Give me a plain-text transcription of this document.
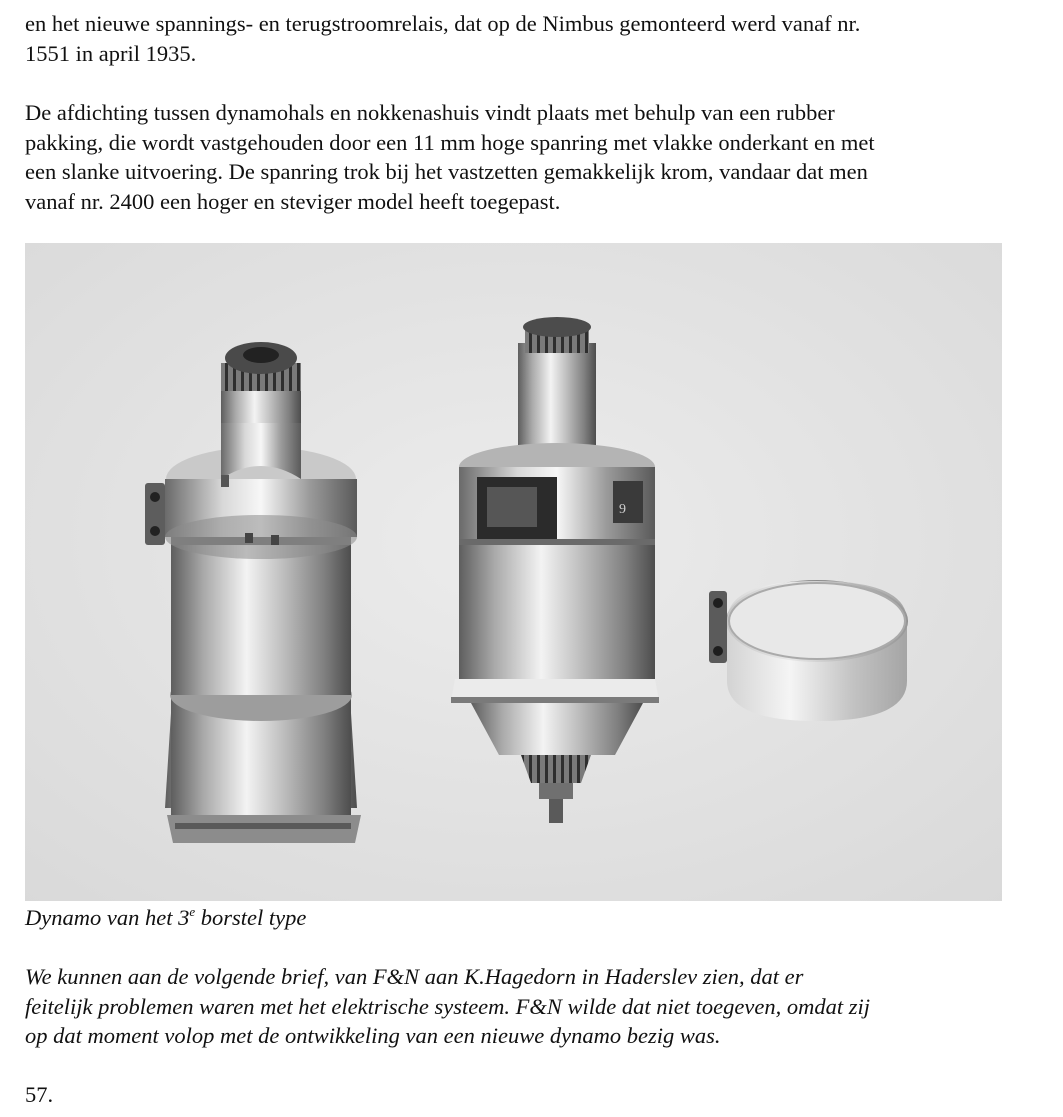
en het nieuwe spannings- en terugstroomrelais, dat op de Nimbus gemonteerd werd vanaf nr.
1551 in april 1935.

De afdichting tussen dynamohals en nokkenashuis vindt plaats met behulp van een rubber
pakking, die wordt vastgehouden door een 11 mm hoge spanring met vlakke onderkant en met
een slanke uitvoering. De spanring trok bij het vastzetten gemakkelijk krom, vandaar dat men
vanaf nr. 2400 een hoger en steviger model heeft toegepast.

9

Dynamo van het 3e borstel type

We kunnen aan de volgende brief, van F&N aan K.Hagedorn in Haderslev zien, dat er
feitelijk problemen waren met het elektrische systeem. F&N wilde dat niet toegeven, omdat zij
op dat moment volop met de ontwikkeling van een nieuwe dynamo bezig was.

57.
